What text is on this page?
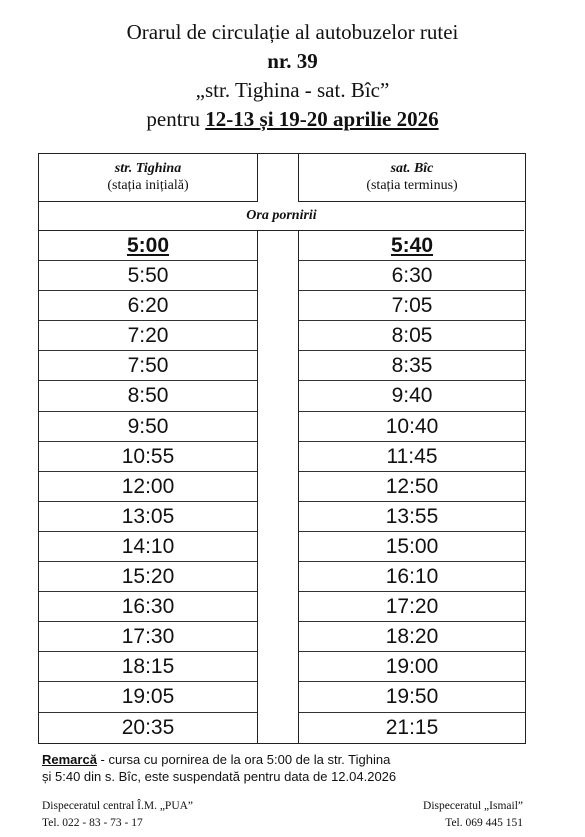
Orarul de circulație al autobuzelor rutei
nr. 39
„str. Tighina - sat. Bîc”
pentru 12-13 și 19-20 aprilie 2026
str. Tighina
(stația inițială)
sat. Bîc
(stația terminus)
Ora pornirii
5:00
5:50
6:20
7:20
7:50
8:50
9:50
10:55
12:00
13:05
14:10
15:20
16:30
17:30
18:15
19:05
20:35
5:40
6:30
7:05
8:05
8:35
9:40
10:40
11:45
12:50
13:55
15:00
16:10
17:20
18:20
19:00
19:50
21:15
Remarcă - cursa cu pornirea de la ora 5:00 de la str. Tighina
și 5:40 din s. Bîc, este suspendată pentru data de 12.04.2026
Dispeceratul central Î.M. „PUA”
Tel. 022 - 83 - 73 - 17
Dispeceratul „Ismail”
Tel. 069 445 151
